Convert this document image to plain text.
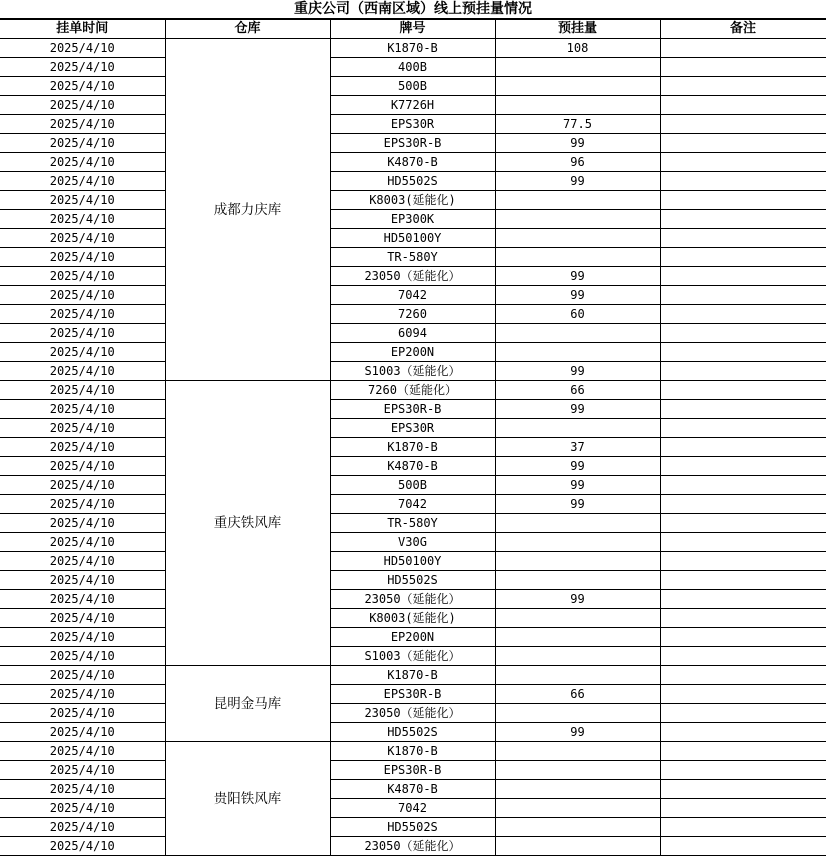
重庆公司（西南区域）线上预挂量情况
挂单时间	仓库	牌号	预挂量	备注
2025/4/10	成都力庆库	K1870-B	108	
2025/4/10		400B		
2025/4/10		500B		
2025/4/10		K7726H		
2025/4/10		EPS30R	77.5	
2025/4/10		EPS30R-B	99	
2025/4/10		K4870-B	96	
2025/4/10		HD5502S	99	
2025/4/10		K8003(延能化)		
2025/4/10		EP300K		
2025/4/10		HD50100Y		
2025/4/10		TR-580Y		
2025/4/10		23050（延能化）	99	
2025/4/10		7042	99	
2025/4/10		7260	60	
2025/4/10		6094		
2025/4/10		EP200N		
2025/4/10		S1003（延能化）	99	
2025/4/10	重庆铁风库	7260（延能化）	66	
2025/4/10		EPS30R-B	99	
2025/4/10		EPS30R		
2025/4/10		K1870-B	37	
2025/4/10		K4870-B	99	
2025/4/10		500B	99	
2025/4/10		7042	99	
2025/4/10		TR-580Y		
2025/4/10		V30G		
2025/4/10		HD50100Y		
2025/4/10		HD5502S		
2025/4/10		23050（延能化）	99	
2025/4/10		K8003(延能化)		
2025/4/10		EP200N		
2025/4/10		S1003（延能化）		
2025/4/10	昆明金马库	K1870-B		
2025/4/10		EPS30R-B	66	
2025/4/10		23050（延能化）		
2025/4/10		HD5502S	99	
2025/4/10	贵阳铁风库	K1870-B		
2025/4/10		EPS30R-B		
2025/4/10		K4870-B		
2025/4/10		7042		
2025/4/10		HD5502S		
2025/4/10		23050（延能化）		
